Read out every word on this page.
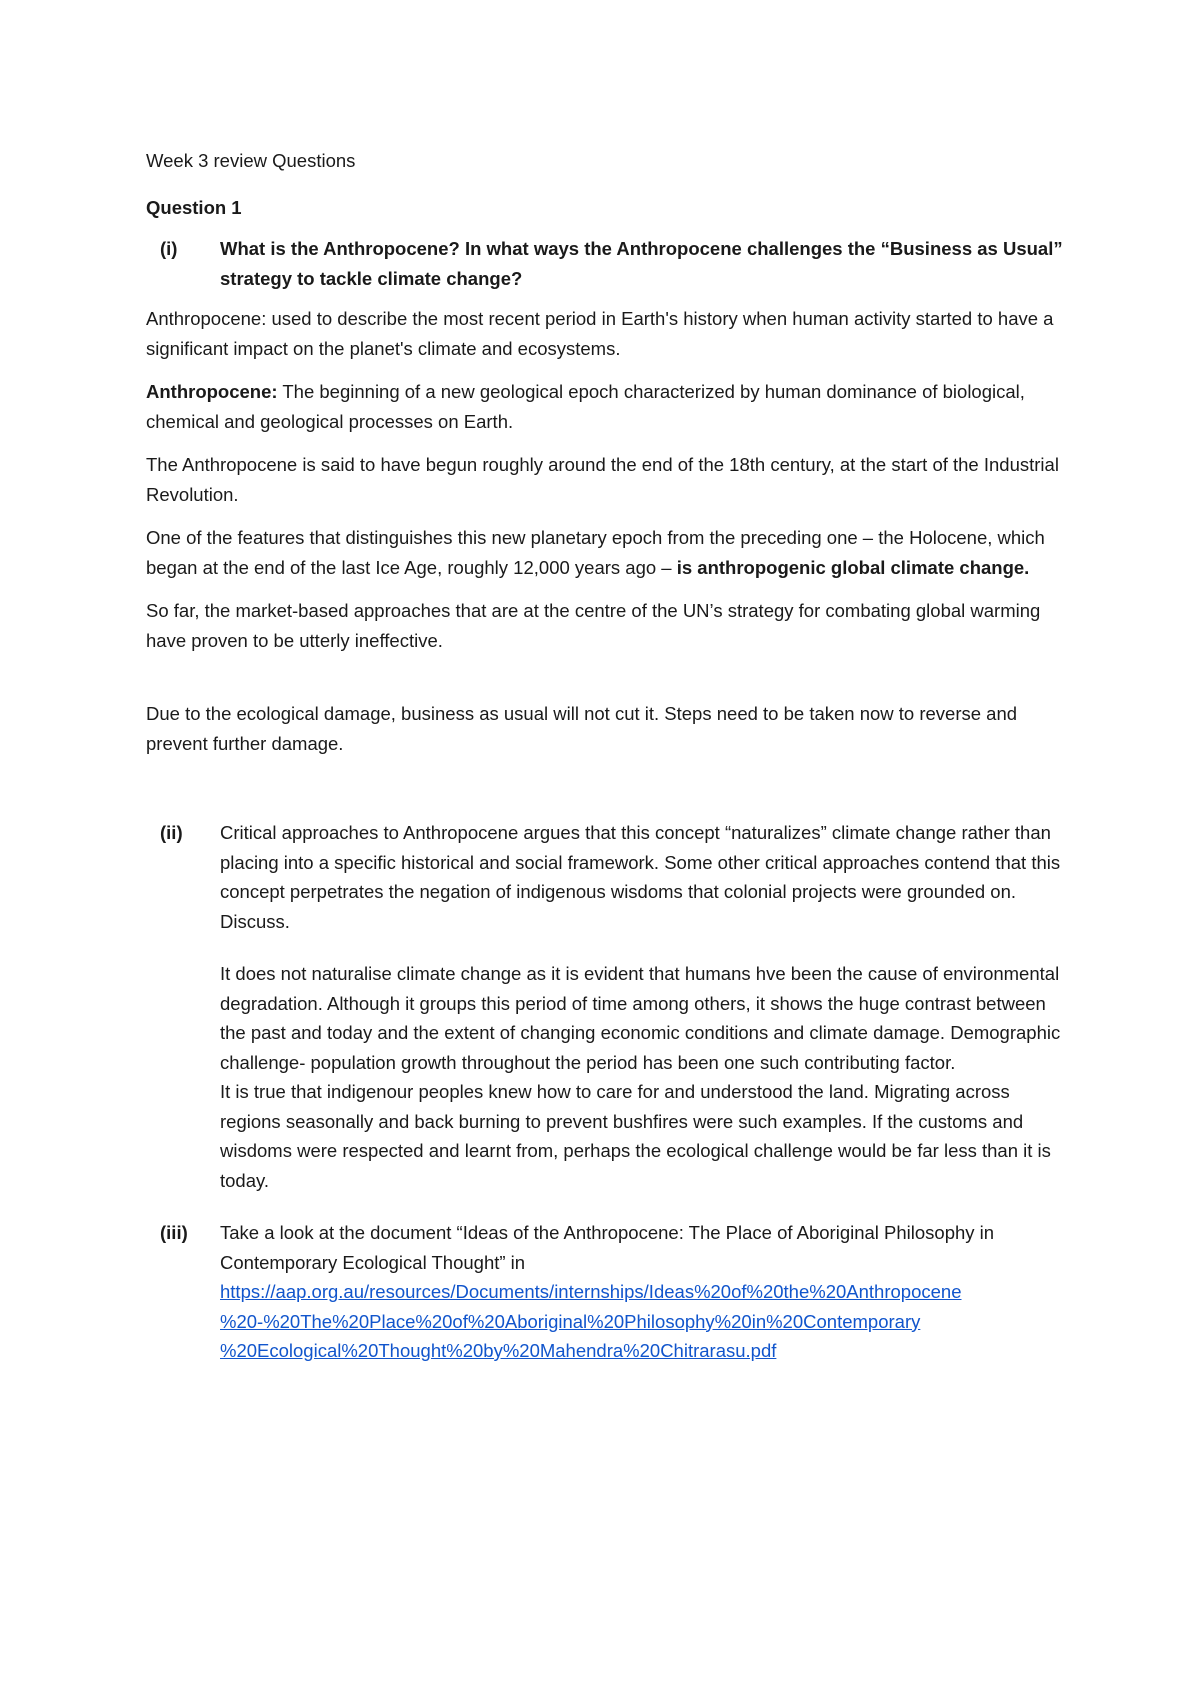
Week 3 review Questions

Question 1

(i)	What is the Anthropocene? In what ways the Anthropocene challenges the “Business as Usual” strategy to tackle climate change?

Anthropocene: used to describe the most recent period in Earth's history when human activity started to have a significant impact on the planet's climate and ecosystems.

Anthropocene: The beginning of a new geological epoch characterized by human dominance of biological, chemical and geological processes on Earth.

The Anthropocene is said to have begun roughly around the end of the 18th century, at the start of the Industrial Revolution.

One of the features that distinguishes this new planetary epoch from the preceding one – the Holocene, which began at the end of the last Ice Age, roughly 12,000 years ago – is anthropogenic global climate change.

So far, the market-based approaches that are at the centre of the UN’s strategy for combating global warming have proven to be utterly ineffective.

Due to the ecological damage, business as usual will not cut it. Steps need to be taken now to reverse and prevent further damage.

(ii)	Critical approaches to Anthropocene argues that this concept “naturalizes” climate change rather than placing into a specific historical and social framework. Some other critical approaches contend that this concept perpetrates the negation of indigenous wisdoms that colonial projects were grounded on. Discuss.

It does not naturalise climate change as it is evident that humans hve been the cause of environmental degradation. Although it groups this period of time among others, it shows the huge contrast between the past and today and the extent of changing economic conditions and climate damage. Demographic challenge- population growth throughout the period has been one such contributing factor.

It is true that indigenour peoples knew how to care for and understood the land. Migrating across regions seasonally and back burning to prevent bushfires were such examples. If the customs and wisdoms were respected and learnt from, perhaps the ecological challenge would be far less than it is today.

(iii)	Take a look at the document “Ideas of the Anthropocene: The Place of Aboriginal Philosophy in Contemporary Ecological Thought” in

https://aap.org.au/resources/Documents/internships/Ideas%20of%20the%20Anthropocene
%20-%20The%20Place%20of%20Aboriginal%20Philosophy%20in%20Contemporary
%20Ecological%20Thought%20by%20Mahendra%20Chitrarasu.pdf
